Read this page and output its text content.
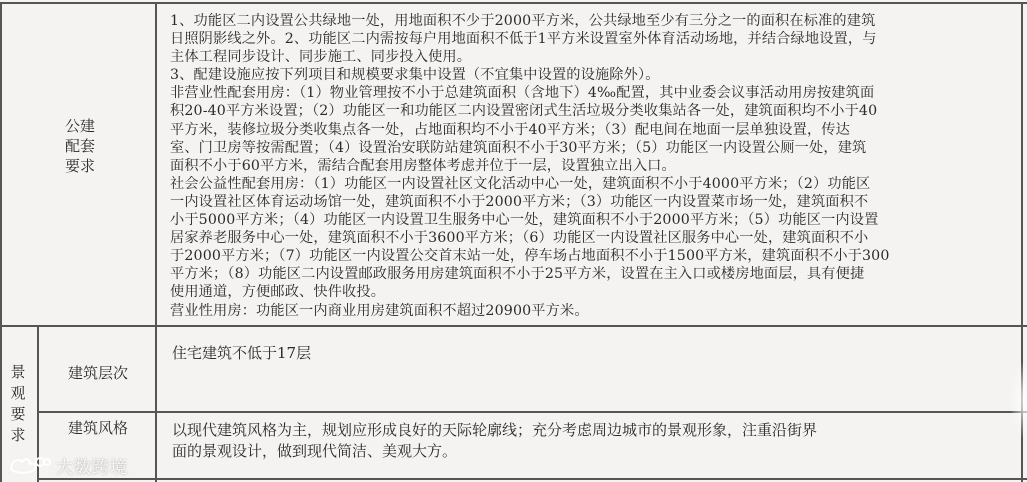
公建
配套
要求
1、功能区二内设置公共绿地一处，用地面积不少于2000平方米，公共绿地至少有三分之一的面积在标准的建筑
日照阴影线之外。2、功能区二内需按每户用地面积不低于1平方米设置室外体育活动场地，并结合绿地设置，与
主体工程同步设计、同步施工、同步投入使用。
3、配建设施应按下列项目和规模要求集中设置（不宜集中设置的设施除外）。
非营业性配套用房：（1）物业管理按不小于总建筑面积（含地下）4‰配置，其中业委会议事活动用房按建筑面
积20-40平方米设置；（2）功能区一和功能区二内设置密闭式生活垃圾分类收集站各一处，建筑面积均不小于40
平方米，装修垃圾分类收集点各一处，占地面积均不小于40平方米；（3）配电间在地面一层单独设置，传达
室、门卫房等按需配置；（4）设置治安联防站建筑面积不小于30平方米；（5）功能区一内设置公厕一处，建筑
面积不小于60平方米，需结合配套用房整体考虑并位于一层，设置独立出入口。
社会公益性配套用房：（1）功能区一内设置社区文化活动中心一处，建筑面积不小于4000平方米；（2）功能区
一内设置社区体育运动场馆一处，建筑面积不小于2000平方米；（3）功能区一内设置菜市场一处，建筑面积不
小于5000平方米；（4）功能区一内设置卫生服务中心一处，建筑面积不小于2000平方米；（5）功能区一内设置
居家养老服务中心一处，建筑面积不小于3600平方米；（6）功能区一内设置社区服务中心一处，建筑面积不小
于2000平方米；（7）功能区一内设置公交首末站一处，停车场占地面积不小于1500平方米，建筑面积不小于300
平方米；（8）功能区二内设置邮政服务用房建筑面积不小于25平方米，设置在主入口或楼房地面层，具有便捷
使用通道，方便邮政、快件收投。
营业性用房：功能区一内商业用房建筑面积不超过20900平方米。
景
观
要
求
建筑层次
住宅建筑不低于17层
建筑风格	以现代建筑风格为主，规划应形成良好的天际轮廓线；充分考虑周边城市的景观形象，注重沿街界
面的景观设计，做到现代简洁、美观大方。
大数跨境
